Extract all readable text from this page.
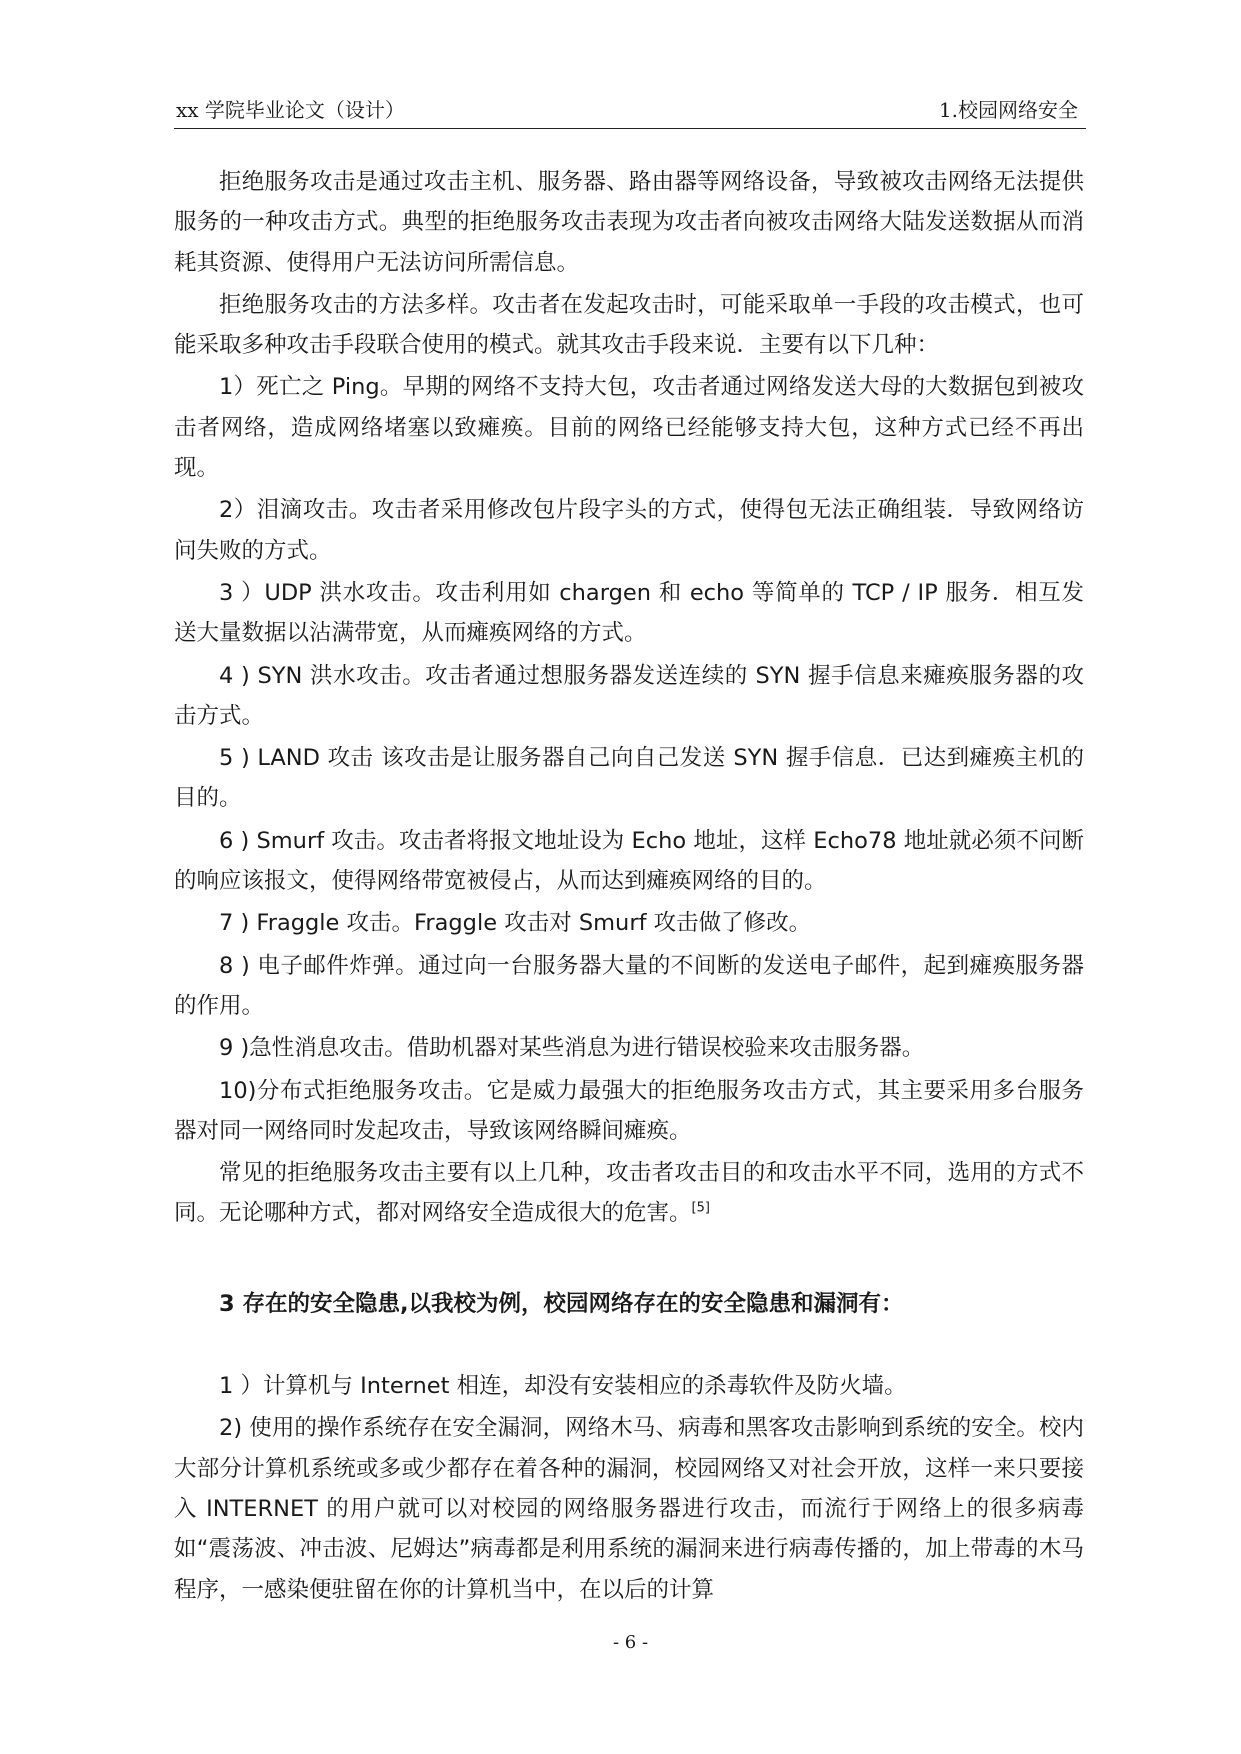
xx 学院毕业论文（设计）	1.校园网络安全

拒绝服务攻击是通过攻击主机、服务器、路由器等网络设备，导致被攻击网络无法提供服务的一种攻击方式。典型的拒绝服务攻击表现为攻击者向被攻击网络大陆发送数据从而消耗其资源、使得用户无法访问所需信息。

拒绝服务攻击的方法多样。攻击者在发起攻击时，可能采取单一手段的攻击模式，也可能采取多种攻击手段联合使用的模式。就其攻击手段来说．主要有以下几种：

1）死亡之 Ping。早期的网络不支持大包，攻击者通过网络发送大母的大数据包到被攻击者网络，造成网络堵塞以致瘫痪。目前的网络已经能够支持大包，这种方式已经不再出现。

2）泪滴攻击。攻击者采用修改包片段字头的方式，使得包无法正确组装．导致网络访问失败的方式。

3 ）UDP 洪水攻击。攻击利用如 chargen 和 echo 等简单的 TCP / IP 服务．相互发送大量数据以沾满带宽，从而瘫痪网络的方式。

4 ) SYN 洪水攻击。攻击者通过想服务器发送连续的 SYN 握手信息来瘫痪服务器的攻击方式。

5 ) LAND 攻击 该攻击是让服务器自己向自己发送 SYN 握手信息．已达到瘫痪主机的目的。

6 ) Smurf 攻击。攻击者将报文地址设为 Echo 地址，这样 Echo78 地址就必须不问断的响应该报文，使得网络带宽被侵占，从而达到瘫痪网络的目的。

7 ) Fraggle 攻击。Fraggle 攻击对 Smurf 攻击做了修改。

8 ) 电子邮件炸弹。通过向一台服务器大量的不间断的发送电子邮件，起到瘫痪服务器的作用。

9 )急性消息攻击。借助机器对某些消息为进行错误校验来攻击服务器。

10)分布式拒绝服务攻击。它是威力最强大的拒绝服务攻击方式，其主要采用多台服务器对同一网络同时发起攻击，导致该网络瞬间瘫痪。

常见的拒绝服务攻击主要有以上几种，攻击者攻击目的和攻击水平不同，选用的方式不同。无论哪种方式，都对网络安全造成很大的危害。[5]

3 存在的安全隐患,以我校为例，校园网络存在的安全隐患和漏洞有：

1 ）计算机与 Internet 相连，却没有安装相应的杀毒软件及防火墙。

2) 使用的操作系统存在安全漏洞，网络木马、病毒和黑客攻击影响到系统的安全。校内大部分计算机系统或多或少都存在着各种的漏洞，校园网络又对社会开放，这样一来只要接入 INTERNET 的用户就可以对校园的网络服务器进行攻击，而流行于网络上的很多病毒如“震荡波、冲击波、尼姆达”病毒都是利用系统的漏洞来进行病毒传播的，加上带毒的木马程序，一感染便驻留在你的计算机当中，在以后的计算

- 6 -
